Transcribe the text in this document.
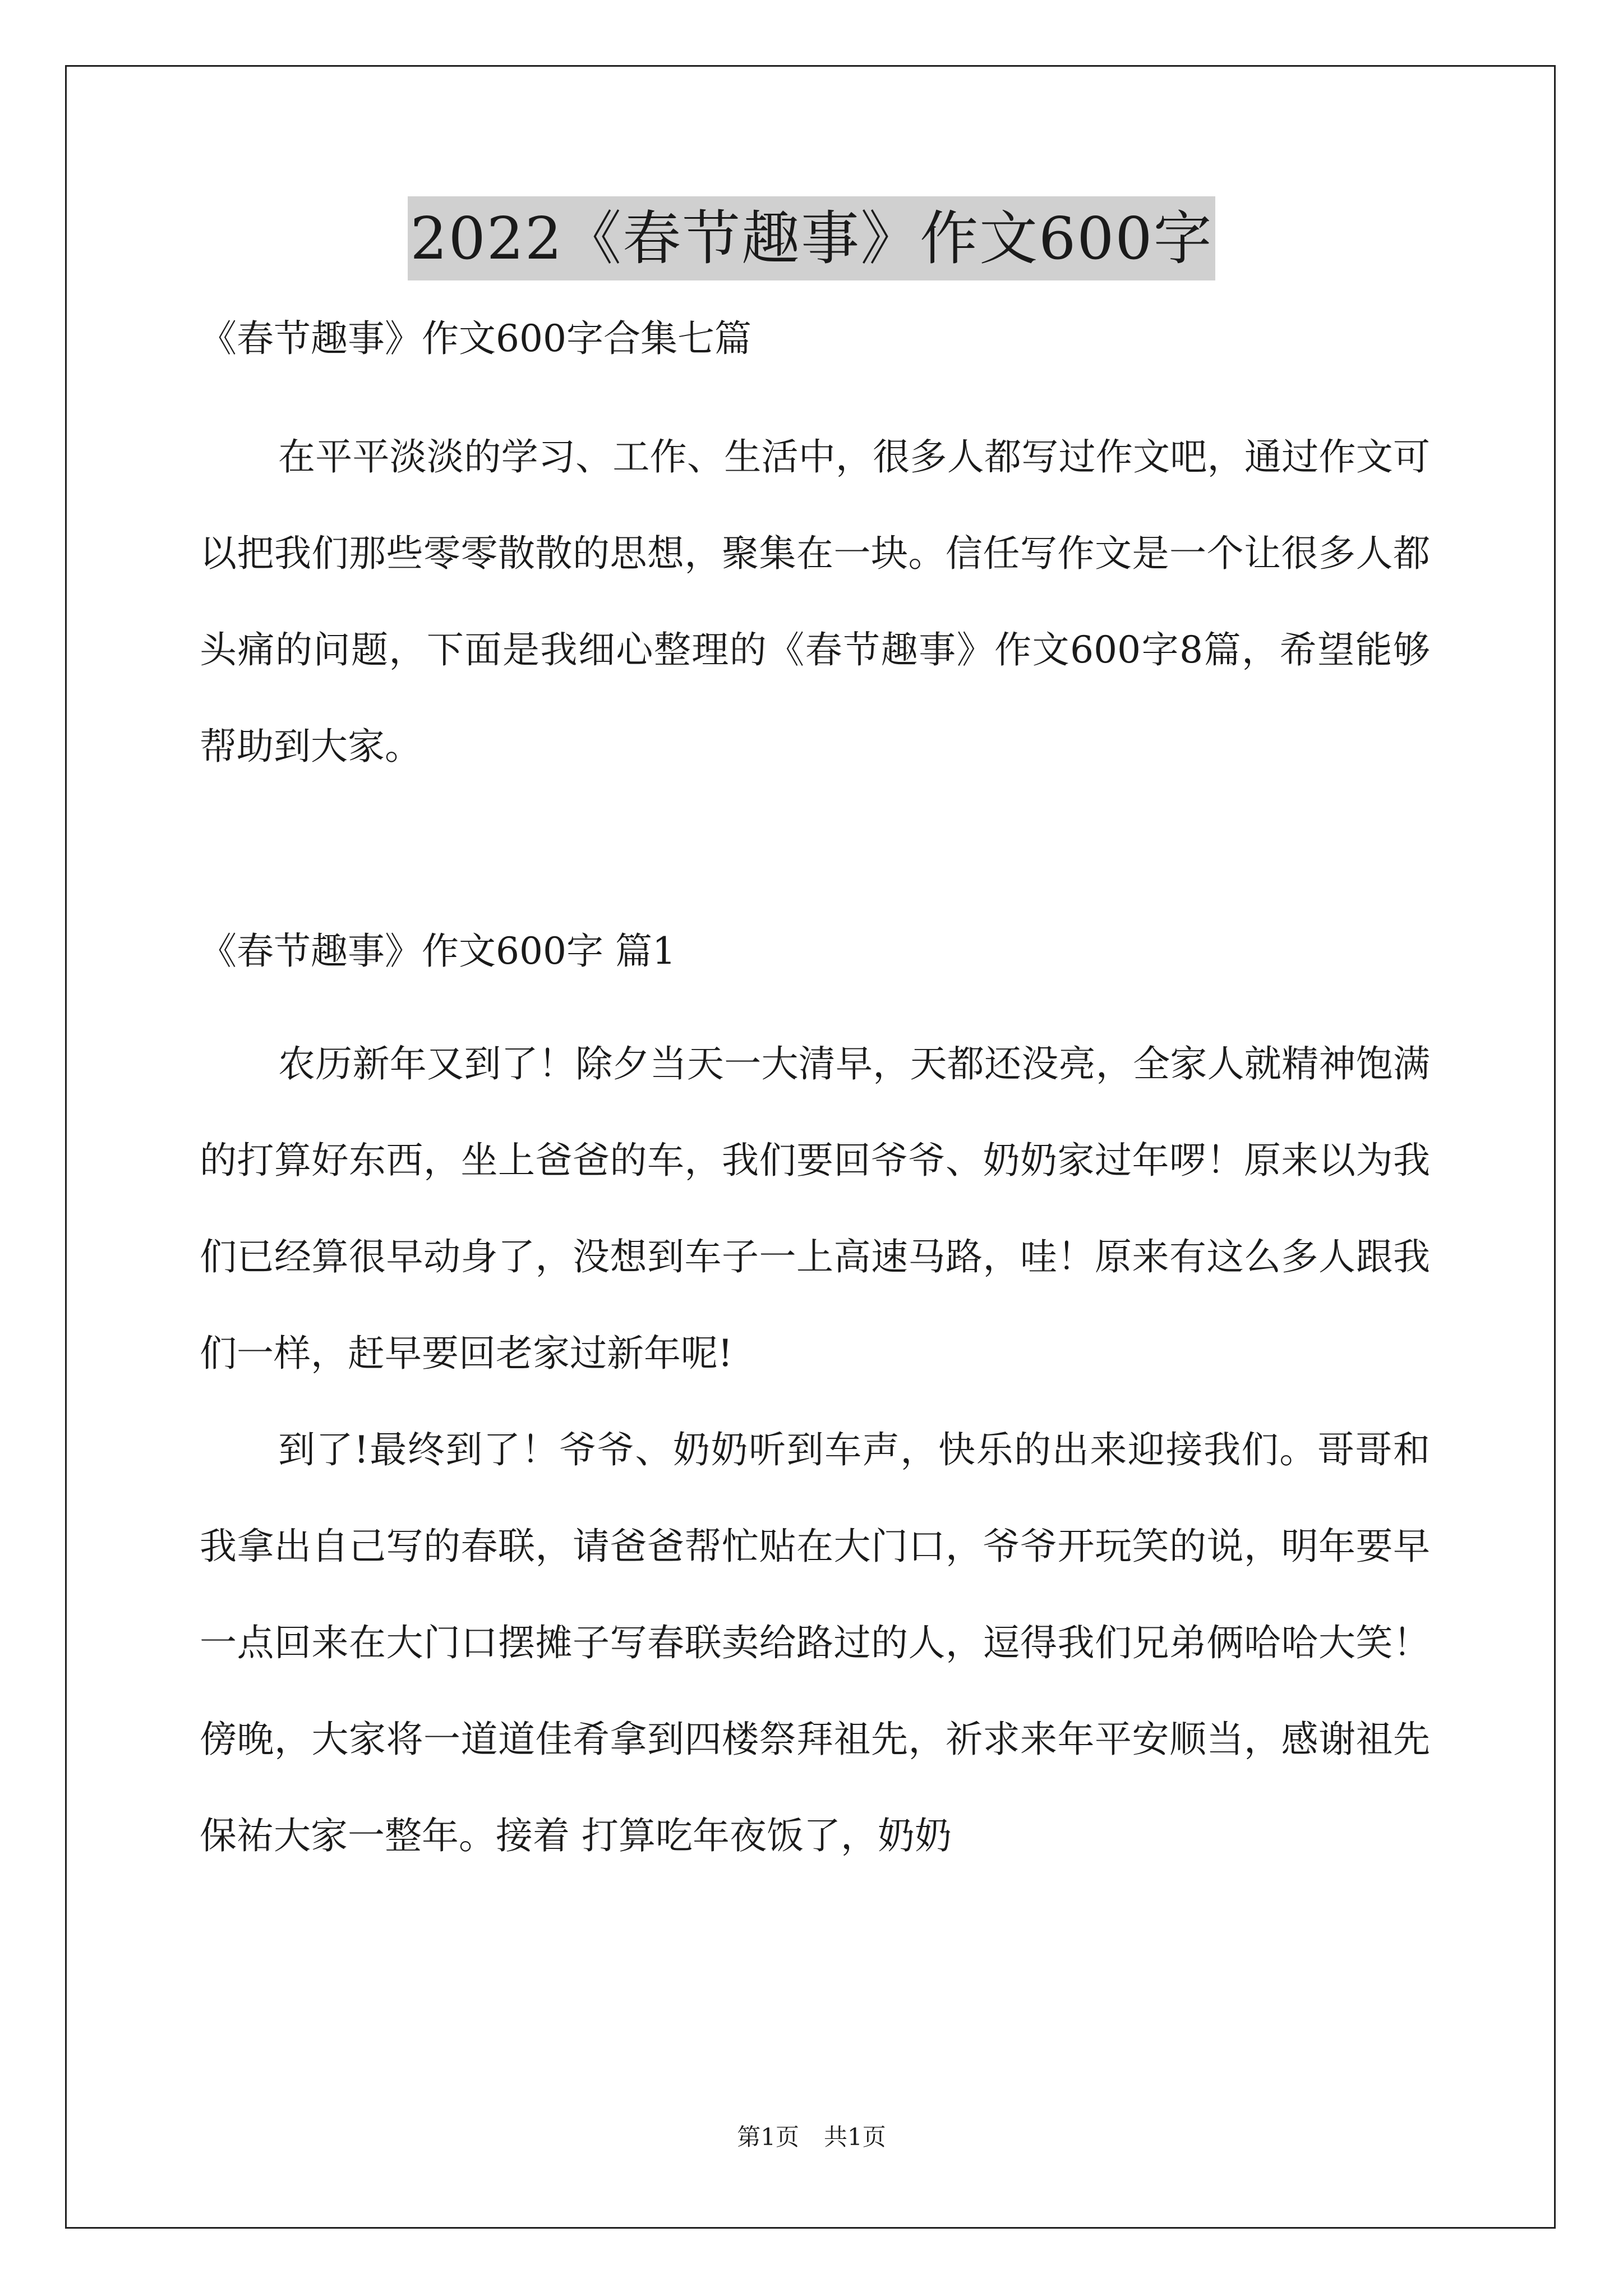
2022《春节趣事》作文600字
《春节趣事》作文600字合集七篇

在平平淡淡的学习、工作、生活中，很多人都写过作文吧，通过作文可以把我们那些零零散散的思想，聚集在一块。信任写作文是一个让很多人都头痛的问题，下面是我细心整理的《春节趣事》作文600字8篇，希望能够帮助到大家。

《春节趣事》作文600字 篇1

农历新年又到了！除夕当天一大清早，天都还没亮，全家人就精神饱满的打算好东西，坐上爸爸的车，我们要回爷爷、奶奶家过年啰！原来以为我们已经算很早动身了，没想到车子一上高速马路，哇！原来有这么多人跟我们一样，赶早要回老家过新年呢!

到了!最终到了！爷爷、奶奶听到车声，快乐的出来迎接我们。哥哥和我拿出自己写的春联，请爸爸帮忙贴在大门口，爷爷开玩笑的说，明年要早一点回来在大门口摆摊子写春联卖给路过的人，逗得我们兄弟俩哈哈大笑！傍晚，大家将一道道佳肴拿到四楼祭拜祖先，祈求来年平安顺当，感谢祖先保祐大家一整年。接着 打算吃年夜饭了，奶奶

第1页 共1页
